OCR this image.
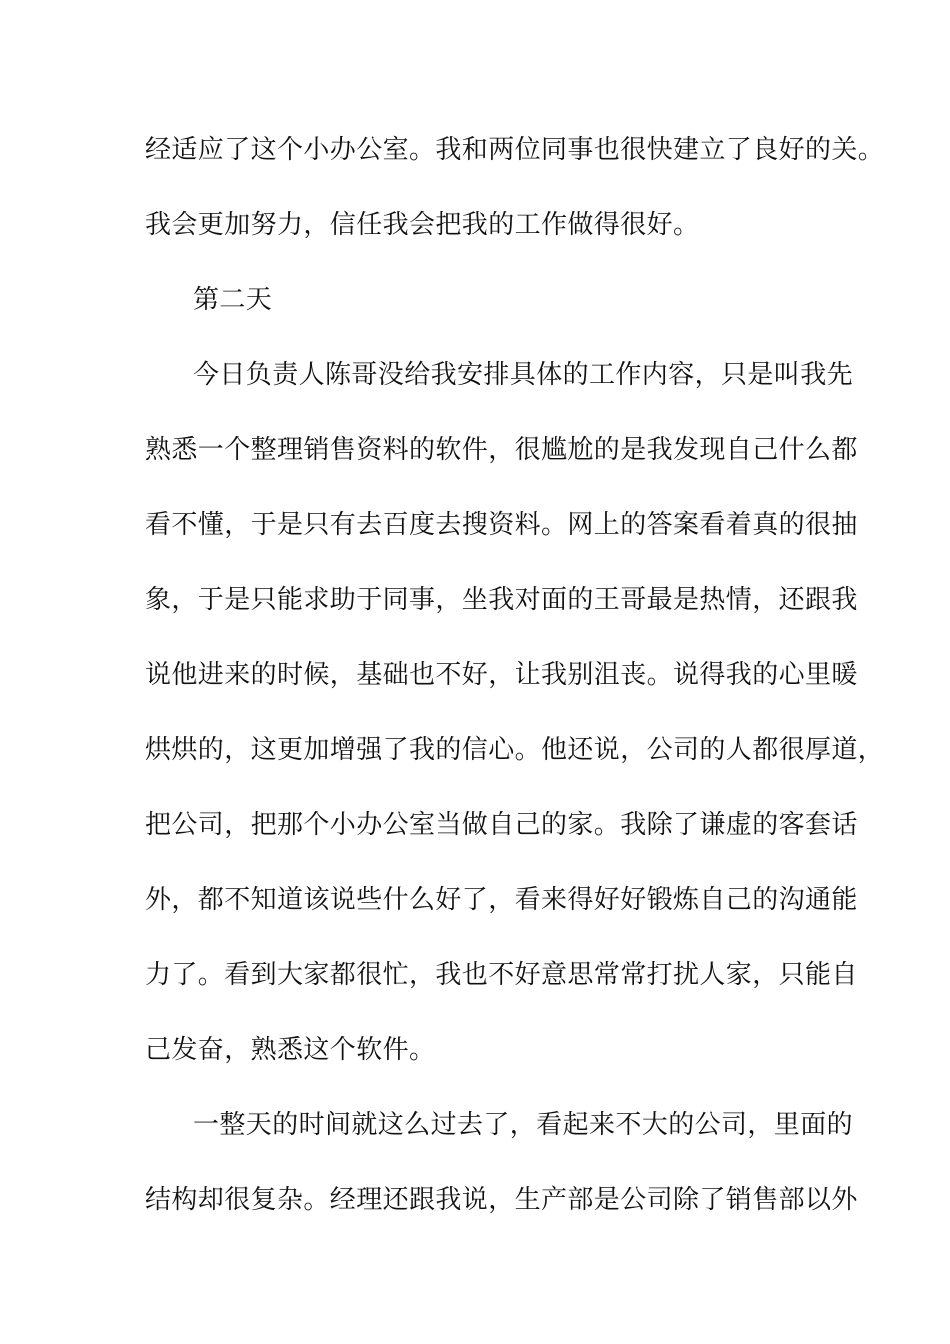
经适应了这个小办公室。我和两位同事也很快建立了良好的关。
我会更加努力，信任我会把我的工作做得很好。
第二天
今日负责人陈哥没给我安排具体的工作内容，只是叫我先
熟悉一个整理销售资料的软件，很尴尬的是我发现自己什么都
看不懂，于是只有去百度去搜资料。网上的答案看着真的很抽
象，于是只能求助于同事，坐我对面的王哥最是热情，还跟我
说他进来的时候，基础也不好，让我别沮丧。说得我的心里暖
烘烘的，这更加增强了我的信心。他还说，公司的人都很厚道，
把公司，把那个小办公室当做自己的家。我除了谦虚的客套话
外，都不知道该说些什么好了，看来得好好锻炼自己的沟通能
力了。看到大家都很忙，我也不好意思常常打扰人家，只能自
己发奋，熟悉这个软件。
一整天的时间就这么过去了，看起来不大的公司，里面的
结构却很复杂。经理还跟我说，生产部是公司除了销售部以外
